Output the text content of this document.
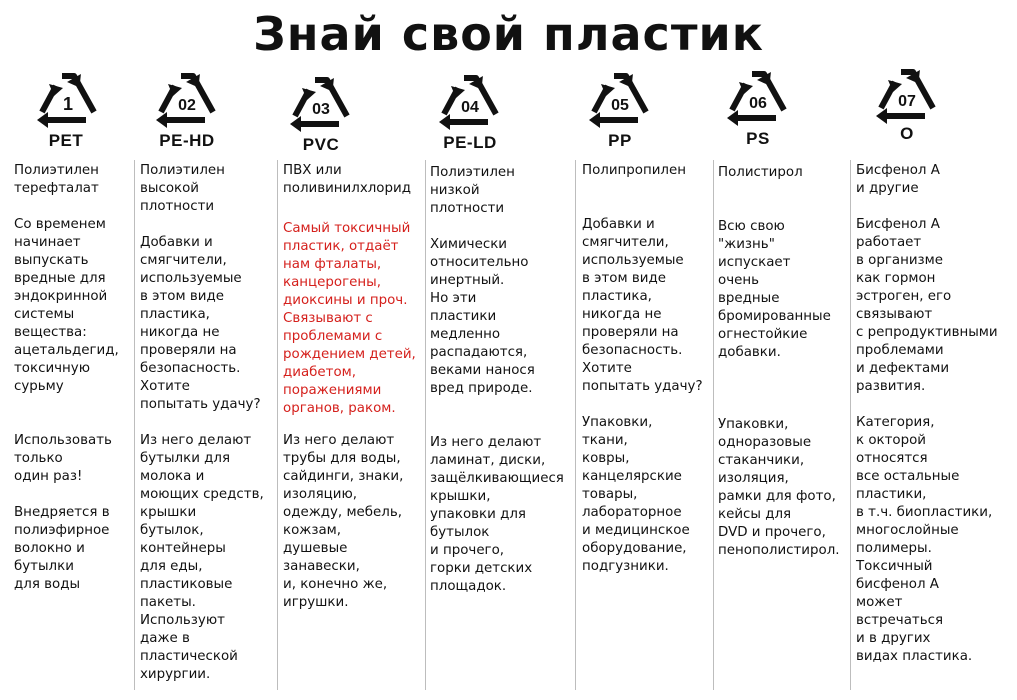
Знай свой пластик
1
PET
Полиэтилен
терефталат
Со временем
начинает
выпускать
вредные для
эндокринной
системы
вещества:
ацетальдегид,
токсичную
сурьму
Использовать
только
один раз!
Внедряется в
полиэфирное
волокно и
бутылки
для воды
02
PE-HD
Полиэтилен
высокой
плотности
Добавки и
смягчители,
используемые
в этом виде
пластика,
никогда не
проверяли на
безопасность.
Хотите
попытать удачу?
Из него делают
бутылки для
молока и
моющих средств,
крышки
бутылок,
контейнеры
для еды,
пластиковые
пакеты.
Используют
даже в
пластической
хирургии.
03
PVC
ПВХ или
поливинилхлорид
Самый токсичный
пластик, отдаёт
нам фталаты,
канцерогены,
диоксины и проч.
Связывают с
проблемами с
рождением детей,
диабетом,
поражениями
органов, раком.
Из него делают
трубы для воды,
сайдинги, знаки,
изоляцию,
одежду, мебель,
кожзам,
душевые
занавески,
и, конечно же,
игрушки.
04
PE-LD
Полиэтилен
низкой
плотности
Химически
относительно
инертный.
Но эти
пластики
медленно
распадаются,
веками нанося
вред природе.
Из него делают
ламинат, диски,
защёлкивающиеся
крышки,
упаковки для
бутылок
и прочего,
горки детских
площадок.
05
PP
Полипропилен
Добавки и
смягчители,
используемые
в этом виде
пластика,
никогда не
проверяли на
безопасность.
Хотите
попытать удачу?
Упаковки,
ткани,
ковры,
канцелярские
товары,
лабораторное
и медицинское
оборудование,
подгузники.
06
PS
Полистирол
Всю свою
"жизнь"
испускает
очень
вредные
бромированные
огнестойкие
добавки.
Упаковки,
одноразовые
стаканчики,
изоляция,
рамки для фото,
кейсы для
DVD и прочего,
пенополистирол.
07
O
Бисфенол А
и другие
Бисфенол А
работает
в организме
как гормон
эстроген, его
связывают
с репродуктивными
проблемами
и дефектами
развития.
Категория,
к окторой
относятся
все остальные
пластики,
в т.ч. биопластики,
многослойные
полимеры.
Токсичный
бисфенол А
может
встречаться
и в других
видах пластика.
